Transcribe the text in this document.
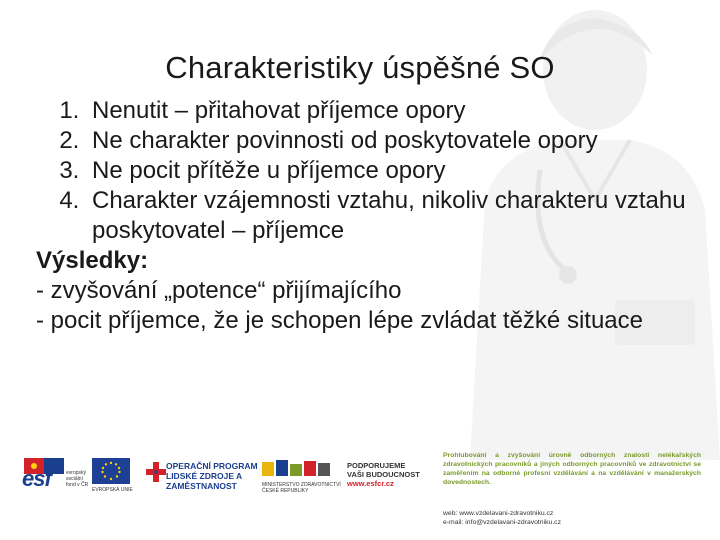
Charakteristiky úspěšné SO
1. Nenutit – přitahovat příjemce opory
2. Ne charakter povinnosti od poskytovatele opory
3. Ne pocit přítěže u příjemce opory
4. Charakter vzájemnosti vztahu, nikoliv charakteru vztahu poskytovatel – příjemce

Výsledky:

- zvyšování „potence“ přijímajícího

- pocit příjemce, že je schopen lépe zvládat těžké situace

esf	evropský sociální fond v ČR
EVROPSKÁ UNIE
OPERAČNÍ PROGRAM LIDSKÉ ZDROJE A ZAMĚSTNANOST	MINISTERSTVO ZDRAVOTNICTVÍ ČESKÉ REPUBLIKY
PODPORUJEME
VAŠI BUDOUCNOST
www.esfcr.cz
Prohlubování a zvyšování úrovně odborných znalostí nelékařských zdravotnických pracovníků a jiných odborných pracovníků ve zdravotnictví se zaměřením na odborné profesní vzdělávání a na vzdělávání v manažerských dovednostech.
web: www.vzdelavani-zdravotniku.cz
e-mail: info@vzdelavani-zdravotniku.cz
